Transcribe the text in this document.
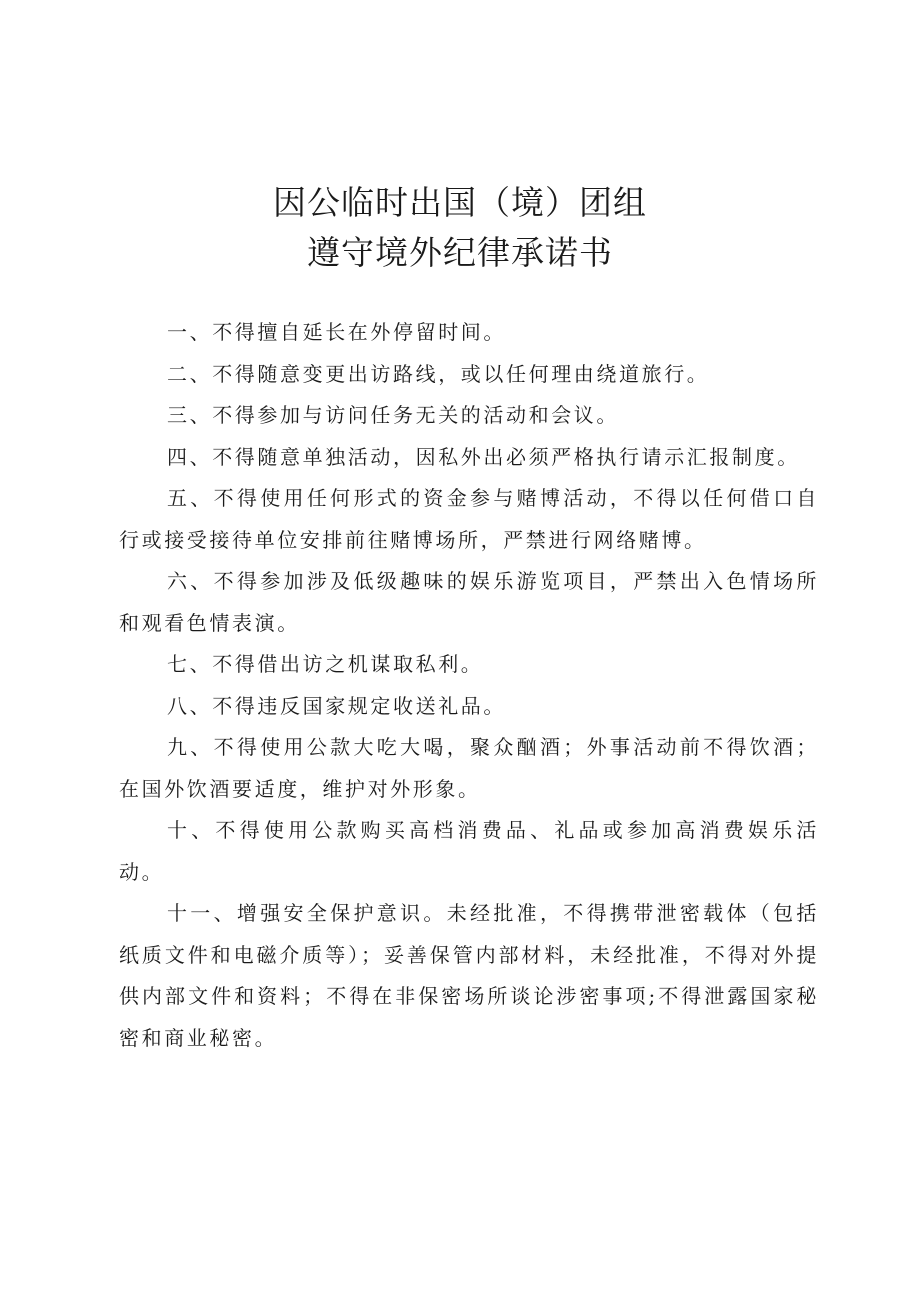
因公临时出国（境）团组
遵守境外纪律承诺书

一、不得擅自延长在外停留时间。

二、不得随意变更出访路线，或以任何理由绕道旅行。

三、不得参加与访问任务无关的活动和会议。

四、不得随意单独活动，因私外出必须严格执行请示汇报制度。

五、不得使用任何形式的资金参与赌博活动，不得以任何借口自行或接受接待单位安排前往赌博场所，严禁进行网络赌博。

六、不得参加涉及低级趣味的娱乐游览项目，严禁出入色情场所和观看色情表演。

七、不得借出访之机谋取私利。

八、不得违反国家规定收送礼品。

九、不得使用公款大吃大喝，聚众酗酒；外事活动前不得饮酒；在国外饮酒要适度，维护对外形象。

十、不得使用公款购买高档消费品、礼品或参加高消费娱乐活动。

十一、增强安全保护意识。未经批准，不得携带泄密载体（包括纸质文件和电磁介质等）；妥善保管内部材料，未经批准，不得对外提供内部文件和资料；不得在非保密场所谈论涉密事项;不得泄露国家秘密和商业秘密。
